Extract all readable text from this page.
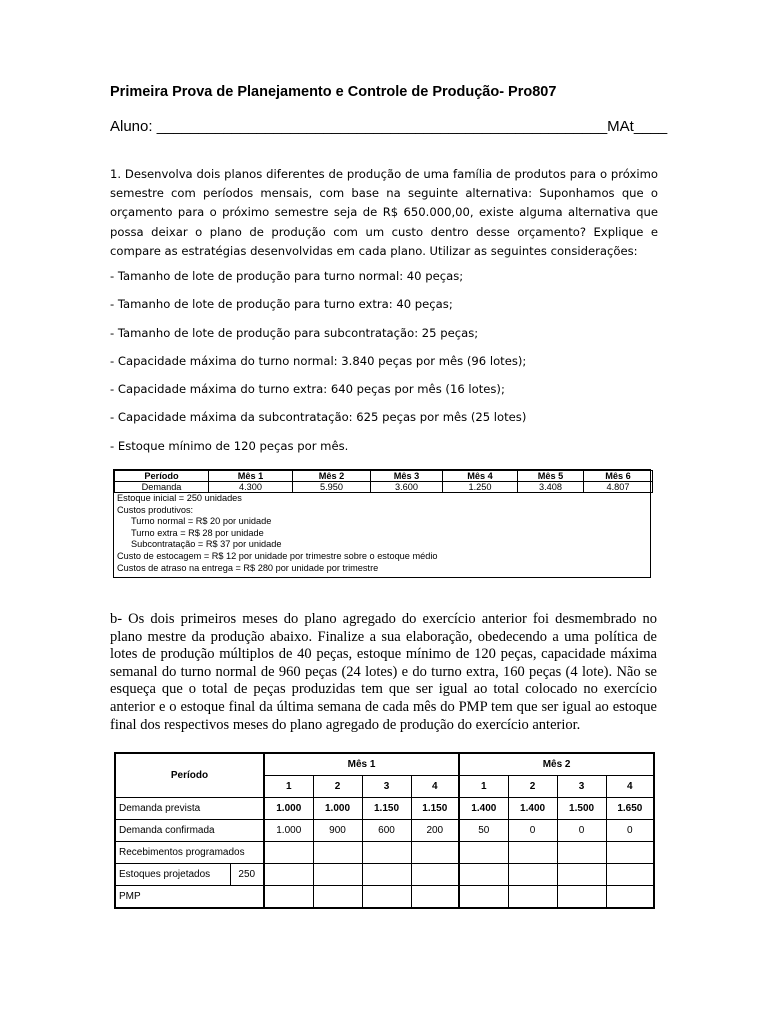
Primeira Prova de Planejamento e Controle de Produção- Pro807
Aluno: ______________________________________________________MAt____
1. Desenvolva dois planos diferentes de produção de uma família de produtos para o próximo semestre com períodos mensais, com base na seguinte alternativa: Suponhamos que o orçamento para o próximo semestre seja de R$ 650.000,00, existe alguma alternativa que possa deixar o plano de produção com um custo dentro desse orçamento? Explique e compare as estratégias desenvolvidas em cada plano. Utilizar as seguintes considerações:
- Tamanho de lote de produção para turno normal: 40 peças;
- Tamanho de lote de produção para turno extra: 40 peças;
- Tamanho de lote de produção para subcontratação: 25 peças;
- Capacidade máxima do turno normal: 3.840 peças por mês (96 lotes);
- Capacidade máxima do turno extra: 640 peças por mês (16 lotes);
- Capacidade máxima da subcontratação: 625 peças por mês (25 lotes)
- Estoque mínimo de 120 peças por mês.
Período	Mês 1	Mês 2	Mês 3	Mês 4	Mês 5	Mês 6
Demanda	4.300	5.950	3.600	1.250	3.408	4.807
Estoque inicial = 250 unidades
Custos produtivos:
Turno normal = R$ 20 por unidade
Turno extra = R$ 28 por unidade
Subcontratação = R$ 37 por unidade
Custo de estocagem = R$ 12 por unidade por trimestre sobre o estoque médio
Custos de atraso na entrega = R$ 280 por unidade por trimestre
b- Os dois primeiros meses do plano agregado do exercício anterior foi desmembrado no plano mestre da produção abaixo. Finalize a sua elaboração, obedecendo a uma política de lotes de produção múltiplos de 40 peças, estoque mínimo de 120 peças, capacidade máxima semanal do turno normal de 960 peças (24 lotes) e do turno extra, 160 peças (4 lote). Não se esqueça que o total de peças produzidas tem que ser igual ao total colocado no exercício anterior e o estoque final da última semana de cada mês do PMP tem que ser igual ao estoque final dos respectivos meses do plano agregado de produção do exercício anterior.
Período		Mês 1				Mês 2			
		1	2	3	4	1	2	3	4
Demanda prevista		1.000	1.000	1.150	1.150	1.400	1.400	1.500	1.650
Demanda confirmada		1.000	900	600	200	50	0	0	0
Recebimentos programados									
Estoques projetados	250								
PMP									
